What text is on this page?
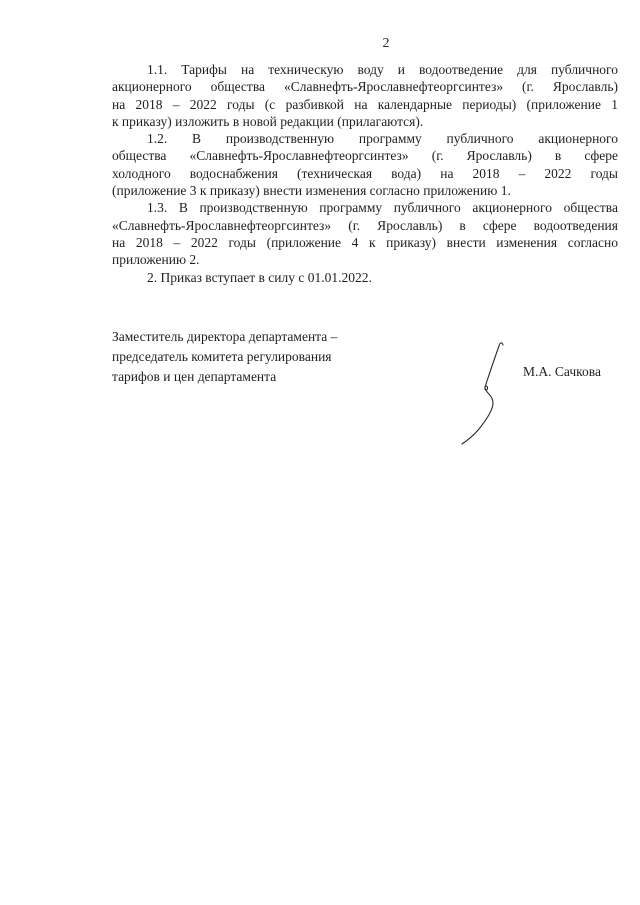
2
1.1. Тарифы на техническую воду и водоотведение для публичного
акционерного общества «Славнефть-Ярославнефтеоргсинтез» (г. Ярославль)
на 2018 – 2022 годы (с разбивкой на календарные периоды) (приложение 1
к приказу) изложить в новой редакции (прилагаются).
1.2. В производственную программу публичного акционерного
общества «Славнефть-Ярославнефтеоргсинтез» (г. Ярославль) в сфере
холодного водоснабжения (техническая вода) на 2018 – 2022 годы
(приложение 3 к приказу) внести изменения согласно приложению 1.
1.3. В производственную программу публичного акционерного общества
«Славнефть-Ярославнефтеоргсинтез» (г. Ярославль) в сфере водоотведения
на 2018 – 2022 годы (приложение 4 к приказу) внести изменения согласно
приложению 2.
2. Приказ вступает в силу с 01.01.2022.
Заместитель директора департамента –
председатель комитета регулирования
тарифов и цен департамента	М.А. Сачкова
